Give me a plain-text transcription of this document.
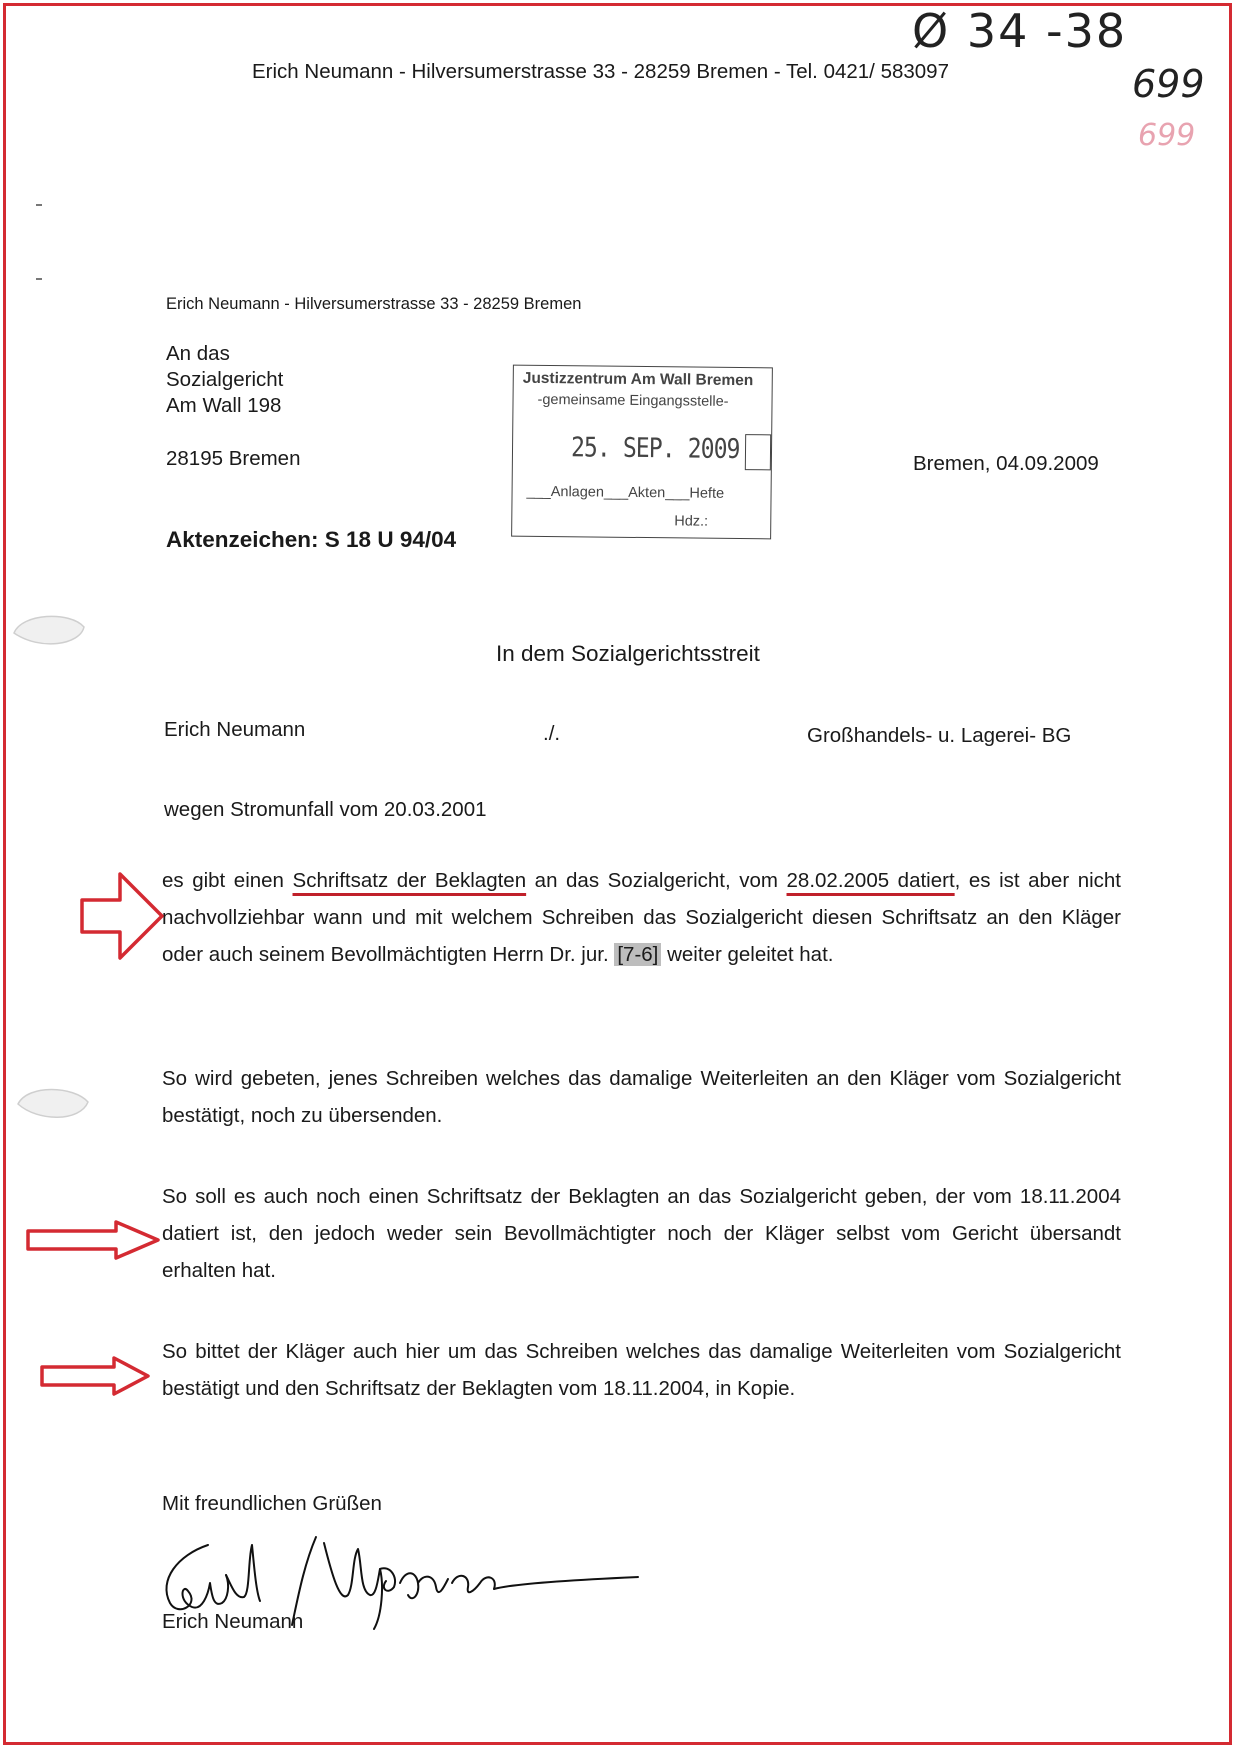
Ø 34 -38
699
699
Erich Neumann - Hilversumerstrasse 33 - 28259 Bremen - Tel. 0421/ 583097
Erich Neumann - Hilversumerstrasse 33 - 28259 Bremen
An das
Sozialgericht
Am Wall 198
28195 Bremen
Justizzentrum Am Wall Bremen
-gemeinsame Eingangsstelle-
25. SEP. 2009
___Anlagen___Akten___Hefte
Hdz.:
Bremen, 04.09.2009
Aktenzeichen: S 18 U 94/04
In dem Sozialgerichtsstreit
Erich Neumann	./.	Großhandels- u. Lagerei- BG
wegen Stromunfall vom 20.03.2001
es gibt einen Schriftsatz der Beklagten an das Sozialgericht, vom 28.02.2005 datiert, es ist aber nicht nachvollziehbar wann und mit welchem Schreiben das Sozialgericht diesen Schriftsatz an den Kläger oder auch seinem Bevollmächtigten Herrn Dr. jur. [7-6] weiter geleitet hat.
So wird gebeten, jenes Schreiben welches das damalige Weiterleiten an den Kläger vom Sozialgericht bestätigt, noch zu übersenden.
So soll es auch noch einen Schriftsatz der Beklagten an das Sozialgericht geben, der vom 18.11.2004 datiert ist, den jedoch weder sein Bevollmächtigter noch der Kläger selbst vom Gericht übersandt erhalten hat.
So bittet der Kläger auch hier um das Schreiben welches das damalige Weiterleiten vom Sozialgericht bestätigt und den Schriftsatz der Beklagten vom 18.11.2004, in Kopie.
Mit freundlichen Grüßen
Erich Neumann
